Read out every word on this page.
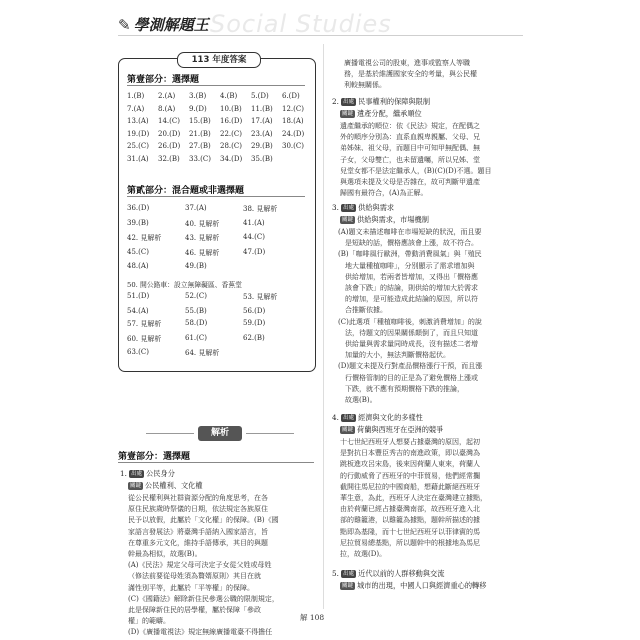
✎ 學測解題王 Social Studies
113 年度答案
第壹部分：選擇題
1.(B)	2.(A)	3.(B)	4.(B)	5.(D)	6.(D)
7.(A)	8.(A)	9.(D)	10.(B)	11.(B)	12.(C)
13.(A)	14.(C)	15.(B)	16.(D)	17.(A)	18.(A)
19.(D)	20.(D)	21.(B)	22.(C)	23.(A)	24.(D)
25.(C)	26.(D)	27.(B)	28.(C)	29.(B)	30.(C)
31.(A)	32.(B)	33.(C)	34.(D)	35.(B)
第貳部分：混合題或非選擇題
36.(D)	37.(A)	38. 見解析
39.(B)	40. 見解析	41.(A)
42. 見解析	43. 見解析	44.(C)
45.(C)	46. 見解析	47.(D)
48.(A)	49.(B)
50. 開公路車：設立無障礙區、香蕉堂
51.(D)	52.(C)	53. 見解析
54.(A)	55.(B)	56.(D)
57. 見解析	58.(D)	59.(D)
60. 見解析	61.(C)	62.(B)
63.(C)	64. 見解析
解析
第壹部分：選擇題
1. 出處 公民身分
關鍵 公民權利、文化權
從公民權利與社群資源分配的角度思考，在各
原住民族歲時祭儀的日期，依法規定各族原住
民予以放假，此屬於「文化權」的保障。(B)《國
家語言發展法》將臺灣手語納入國家語言，旨
在尊重多元文化，維持手語傳承，其目的與題
幹最為相似，故選(B)。
(A)《民法》規定父母可決定子女從父姓或母姓
（修法前要從母姓須為贅婿原則）其目在就
滿性別平等，此屬於「平等權」的保障。
(C)《國籍法》解除新住民參選公職的限制規定，
此是保障新住民的居學權，屬於保障「參政
權」的範疇。
(D)《廣播電視法》規定無線廣播電臺不得擔任
廣播電視公司的股東，進事或監察人等職
務，是基於維護國家安全的考量，與公民權
利較無關係。
2. 出處 民事權利的保障與限制
關鍵 遺產分配，繼承順位
遺產繼承的順位：依《民法》規定，在配偶之
外的順序分別為：直系血親卑親屬、父母、兄
弟姊妹、祖父母，而題目中可知甲無配偶、無
子女，父母雙亡，也未留遺囑，所以兄姊、堂
兒堂女都不是法定繼承人，(B)(C)(D)不選。題目
與選項未提及父母是否雜在，故可判斷甲遺產
歸國有最符合，(A)為正解。
3. 出處 供給與需求
關鍵 供給與需求，市場機制
(A)題文未描述咖啡在市場短缺的狀況，而且要
　是短缺的話，價格應該會上漲，故不符合。
(B)「咖啡風行歐洲，帶動消費風氣」與「殖民
　地大量種植咖啡」，分別顯示了需求增加與
　供給增加，若兩者皆增加，又得出「價格應
　該會下跌」的結論，則供給的增加大於需求
　的增加，是可能造成此結論的原因，所以符
　合推斷依據。
(C)此選項「種植咖啡後，刺激消費增加」的說
　法，待題文的因果關係顛倒了，而且只知道
　供給量與需求量同時成長，沒有描述二者增
　加量的大小，無法判斷價格起伏。
(D)題文未提及行對產品價格漲行干預，而且漲
　行價格管制的目的正是為了避免價格上漲或
　下跌，就不應有預期價格下跌的推論，
　故選(B)。
4. 出處 經濟與文化的多樣性
關鍵 荷蘭與西班牙在亞洲的競爭
十七世紀西班牙人想要占據臺灣的原因，起初
是對抗日本豐臣秀吉的南進政策，即以臺灣為
跳板進攻呂宋島，後來因荷蘭人東來，荷蘭人
的行動威脅了西班牙的中菲貿易，他們經常攔
截開往馬尼拉的中國商船，想藉此斷絕西班牙
華生意，為此，西班牙人決定在臺灣建立據點，
由於荷蘭已經占據臺灣南部，故西班牙進入北
部的雞籠港，以雞籠為據點，題幹所描述的據
點即為基隆，而十七世紀西班牙以菲律賓的馬
尼拉貿易總基點，所以題幹中的根據地為馬尼
拉，故選(D)。
5. 出處 近代以前的人群移動與交流
關鍵 城市的出現，中國人口與經濟重心的轉移
解 108
